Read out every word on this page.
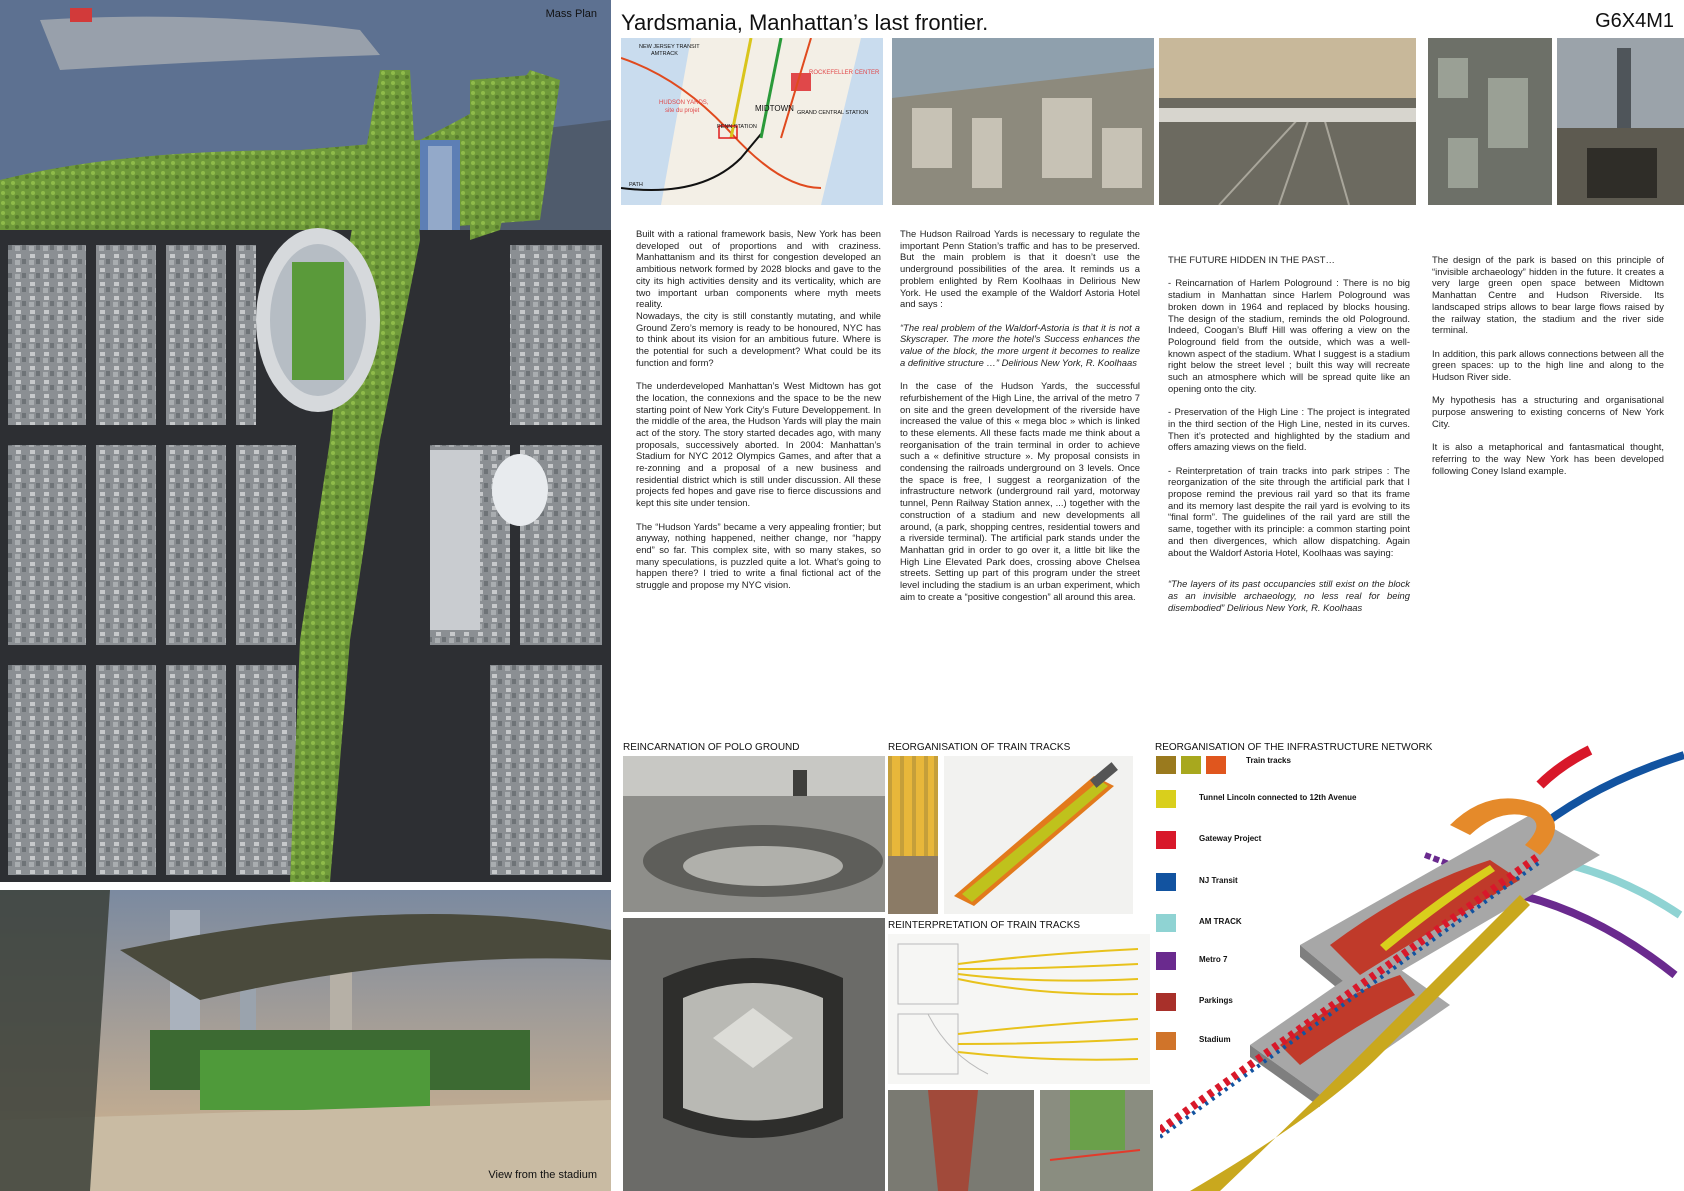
Mass Plan
View from the stadium
Yardsmania, Manhattan’s last frontier.	G6X4M1
NEW JERSEY TRANSIT
AMTRACK
ROCKEFELLER CENTER
HUDSON YARDS,
site du projet	MIDTOWN GRAND CENTRAL STATION
PENN STATION
PATH

Built with a rational framework basis, New York has been developed out of proportions and with craziness. Manhattanism and its thirst for congestion developed an ambitious network formed by 2028 blocks and gave to the city its high activities density and its verticality, which are two important urban components where myth meets reality.
Nowadays, the city is still constantly mutating, and while Ground Zero’s memory is ready to be honoured, NYC has to think about its vision for an ambitious future. Where is the potential for such a development? What could be its function and form?

The underdeveloped Manhattan’s West Midtown has got the location, the connexions and the space to be the new starting point of New York City’s Future Developpement. In the middle of the area, the Hudson Yards will play the main act of the story. The story started decades ago, with many proposals, successively aborted. In 2004: Manhattan’s Stadium for NYC 2012 Olympics Games, and after that a re-zonning and a proposal of a new business and residential district which is still under discussion. All these projects fed hopes and gave rise to fierce discussions and kept this site under tension.

The “Hudson Yards” became a very appealing frontier; but anyway, nothing happened, neither change, nor “happy end” so far. This complex site, with so many stakes, so many speculations, is puzzled quite a lot. What’s going to happen there? I tried to write a final fictional act of the struggle and propose my NYC vision.

The Hudson Railroad Yards is necessary to regulate the important Penn Station’s traffic and has to be preserved. But the main problem is that it doesn’t use the underground possibilities of the area. It reminds us a problem enlighted by Rem Koolhaas in Delirious New York. He used the example of the Waldorf Astoria Hotel and says :

“The real problem of the Waldorf-Astoria is that it is not a Skyscraper. The more the hotel’s Success enhances the value of the block, the more urgent it becomes to realize a definitive structure …” Delirious New York, R. Koolhaas

In the case of the Hudson Yards, the successful refurbishement of the High Line, the arrival of the metro 7 on site and the green development of the riverside have increased the value of this « mega bloc » which is linked to these elements. All these facts made me think about a reorganisation of the train terminal in order to achieve such a « definitive structure ». My proposal consists in condensing the railroads underground on 3 levels. Once the space is free, I suggest a reorganization of the infrastructure network (underground rail yard, motorway tunnel, Penn Railway Station annex, ...) together with the construction of a stadium and new developments all around, (a park, shopping centres, residential towers and a riverside terminal). The artificial park stands under the Manhattan grid in order to go over it, a little bit like the High Line Elevated Park does, crossing above Chelsea streets. Setting up part of this program under the street level including the stadium is an urban experiment, which aim to create a “positive congestion” all around this area.

THE FUTURE HIDDEN IN THE PAST…

- Reincarnation of Harlem Pologround : There is no big stadium in Manhattan since Harlem Pologround was broken down in 1964 and replaced by blocks housing. The design of the stadium, reminds the old Pologround. Indeed, Coogan’s Bluff Hill was offering a view on the Pologround field from the outside, which was a well-known aspect of the stadium. What I suggest is a stadium right below the street level ; built this way will recreate such an atmosphere which will be spread quite like an opening onto the city.

- Preservation of the High Line : The project is integrated in the third section of the High Line, nested in its curves. Then it’s protected and highlighted by the stadium and offers amazing views on the field.

- Reinterpretation of train tracks into park stripes : The reorganization of the site through the artificial park that I propose remind the previous rail yard so that its frame and its memory last despite the rail yard is evolving to its “final form”. The guidelines of the rail yard are still the same, together with its principle: a common starting point and then divergences, which allow dispatching. Again about the Waldorf Astoria Hotel, Koolhaas was saying:

“The layers of its past occupancies still exist on the block as an invisible archaeology, no less real for being disembodied” Delirious New York, R. Koolhaas

The design of the park is based on this principle of “invisible archaeology” hidden in the future. It creates a very large green open space between Midtown Manhattan Centre and Hudson Riverside. Its landscaped strips allows to bear large flows raised by the railway station, the stadium and the river side terminal.

In addition, this park allows connections between all the green spaces: up to the high line and along to the Hudson River side.

My hypothesis has a structuring and organisational purpose answering to existing concerns of New York City.

It is also a metaphorical and fantasmatical thought, referring to the way New York has been developed following Coney Island example.

REINCARNATION OF POLO GROUND	REORGANISATION OF TRAIN TRACKS
REINTERPRETATION OF TRAIN TRACKS
REORGANISATION OF THE INFRASTRUCTURE NETWORK
Train tracks
Tunnel Lincoln connected to 12th Avenue
Gateway Project
NJ Transit
AM TRACK
Metro 7
Parkings
Stadium
